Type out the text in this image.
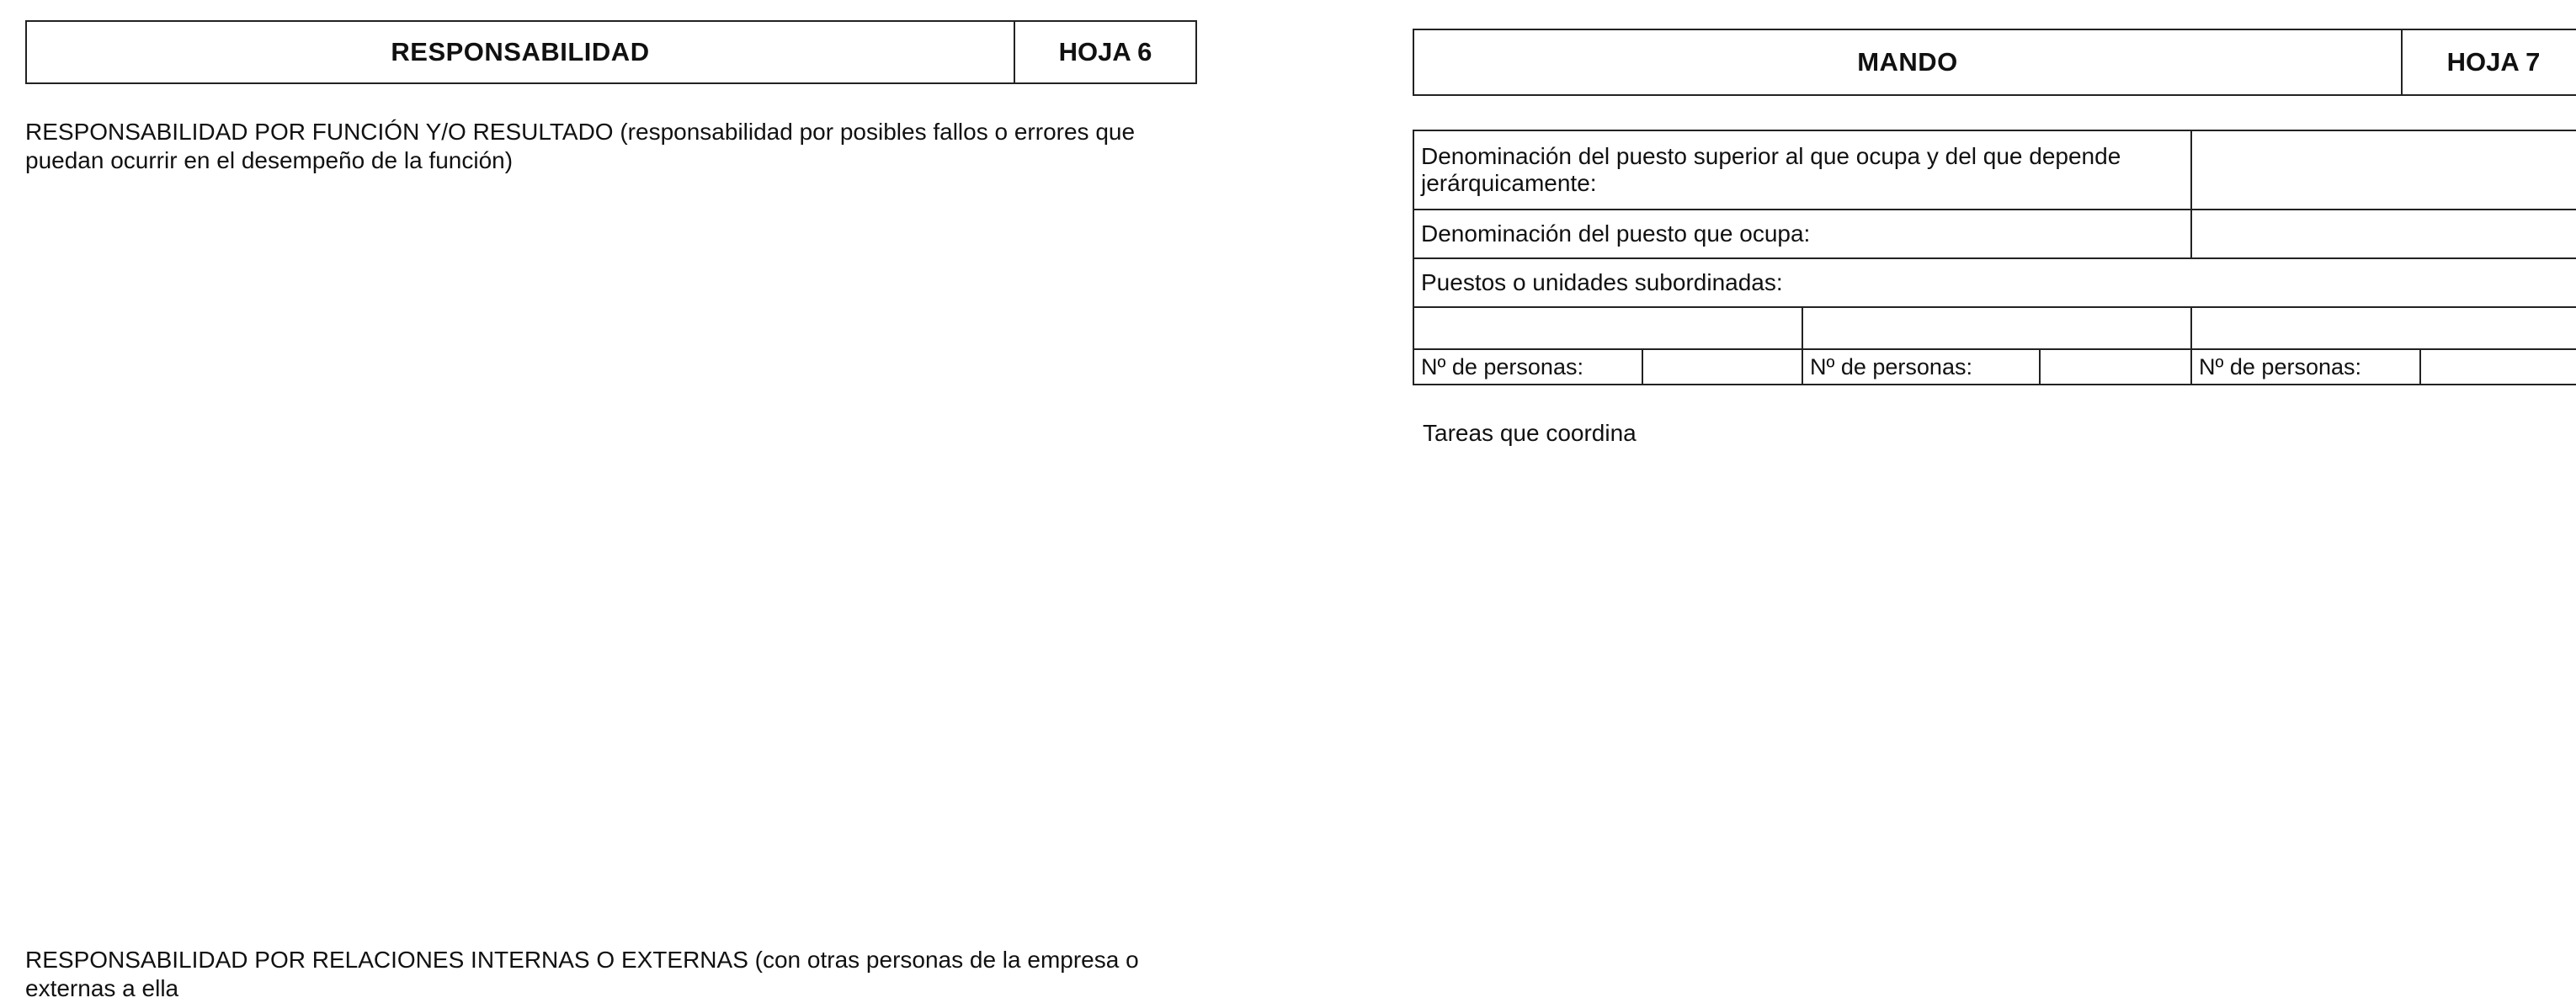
RESPONSABILIDAD	HOJA 6

RESPONSABILIDAD POR FUNCIÓN Y/O RESULTADO (responsabilidad por posibles fallos o errores que puedan ocurrir en el desempeño de la función)

RESPONSABILIDAD POR RELACIONES INTERNAS O EXTERNAS (con otras personas de la empresa o externas a ella

MANDO	HOJA 7
Denominación del puesto superior al que ocupa y del que depende jerárquicamente:					
Denominación del puesto que ocupa:					
Puestos o unidades subordinadas:					

Nº de personas:		Nº de personas:		Nº de personas:	

Tareas que coordina
